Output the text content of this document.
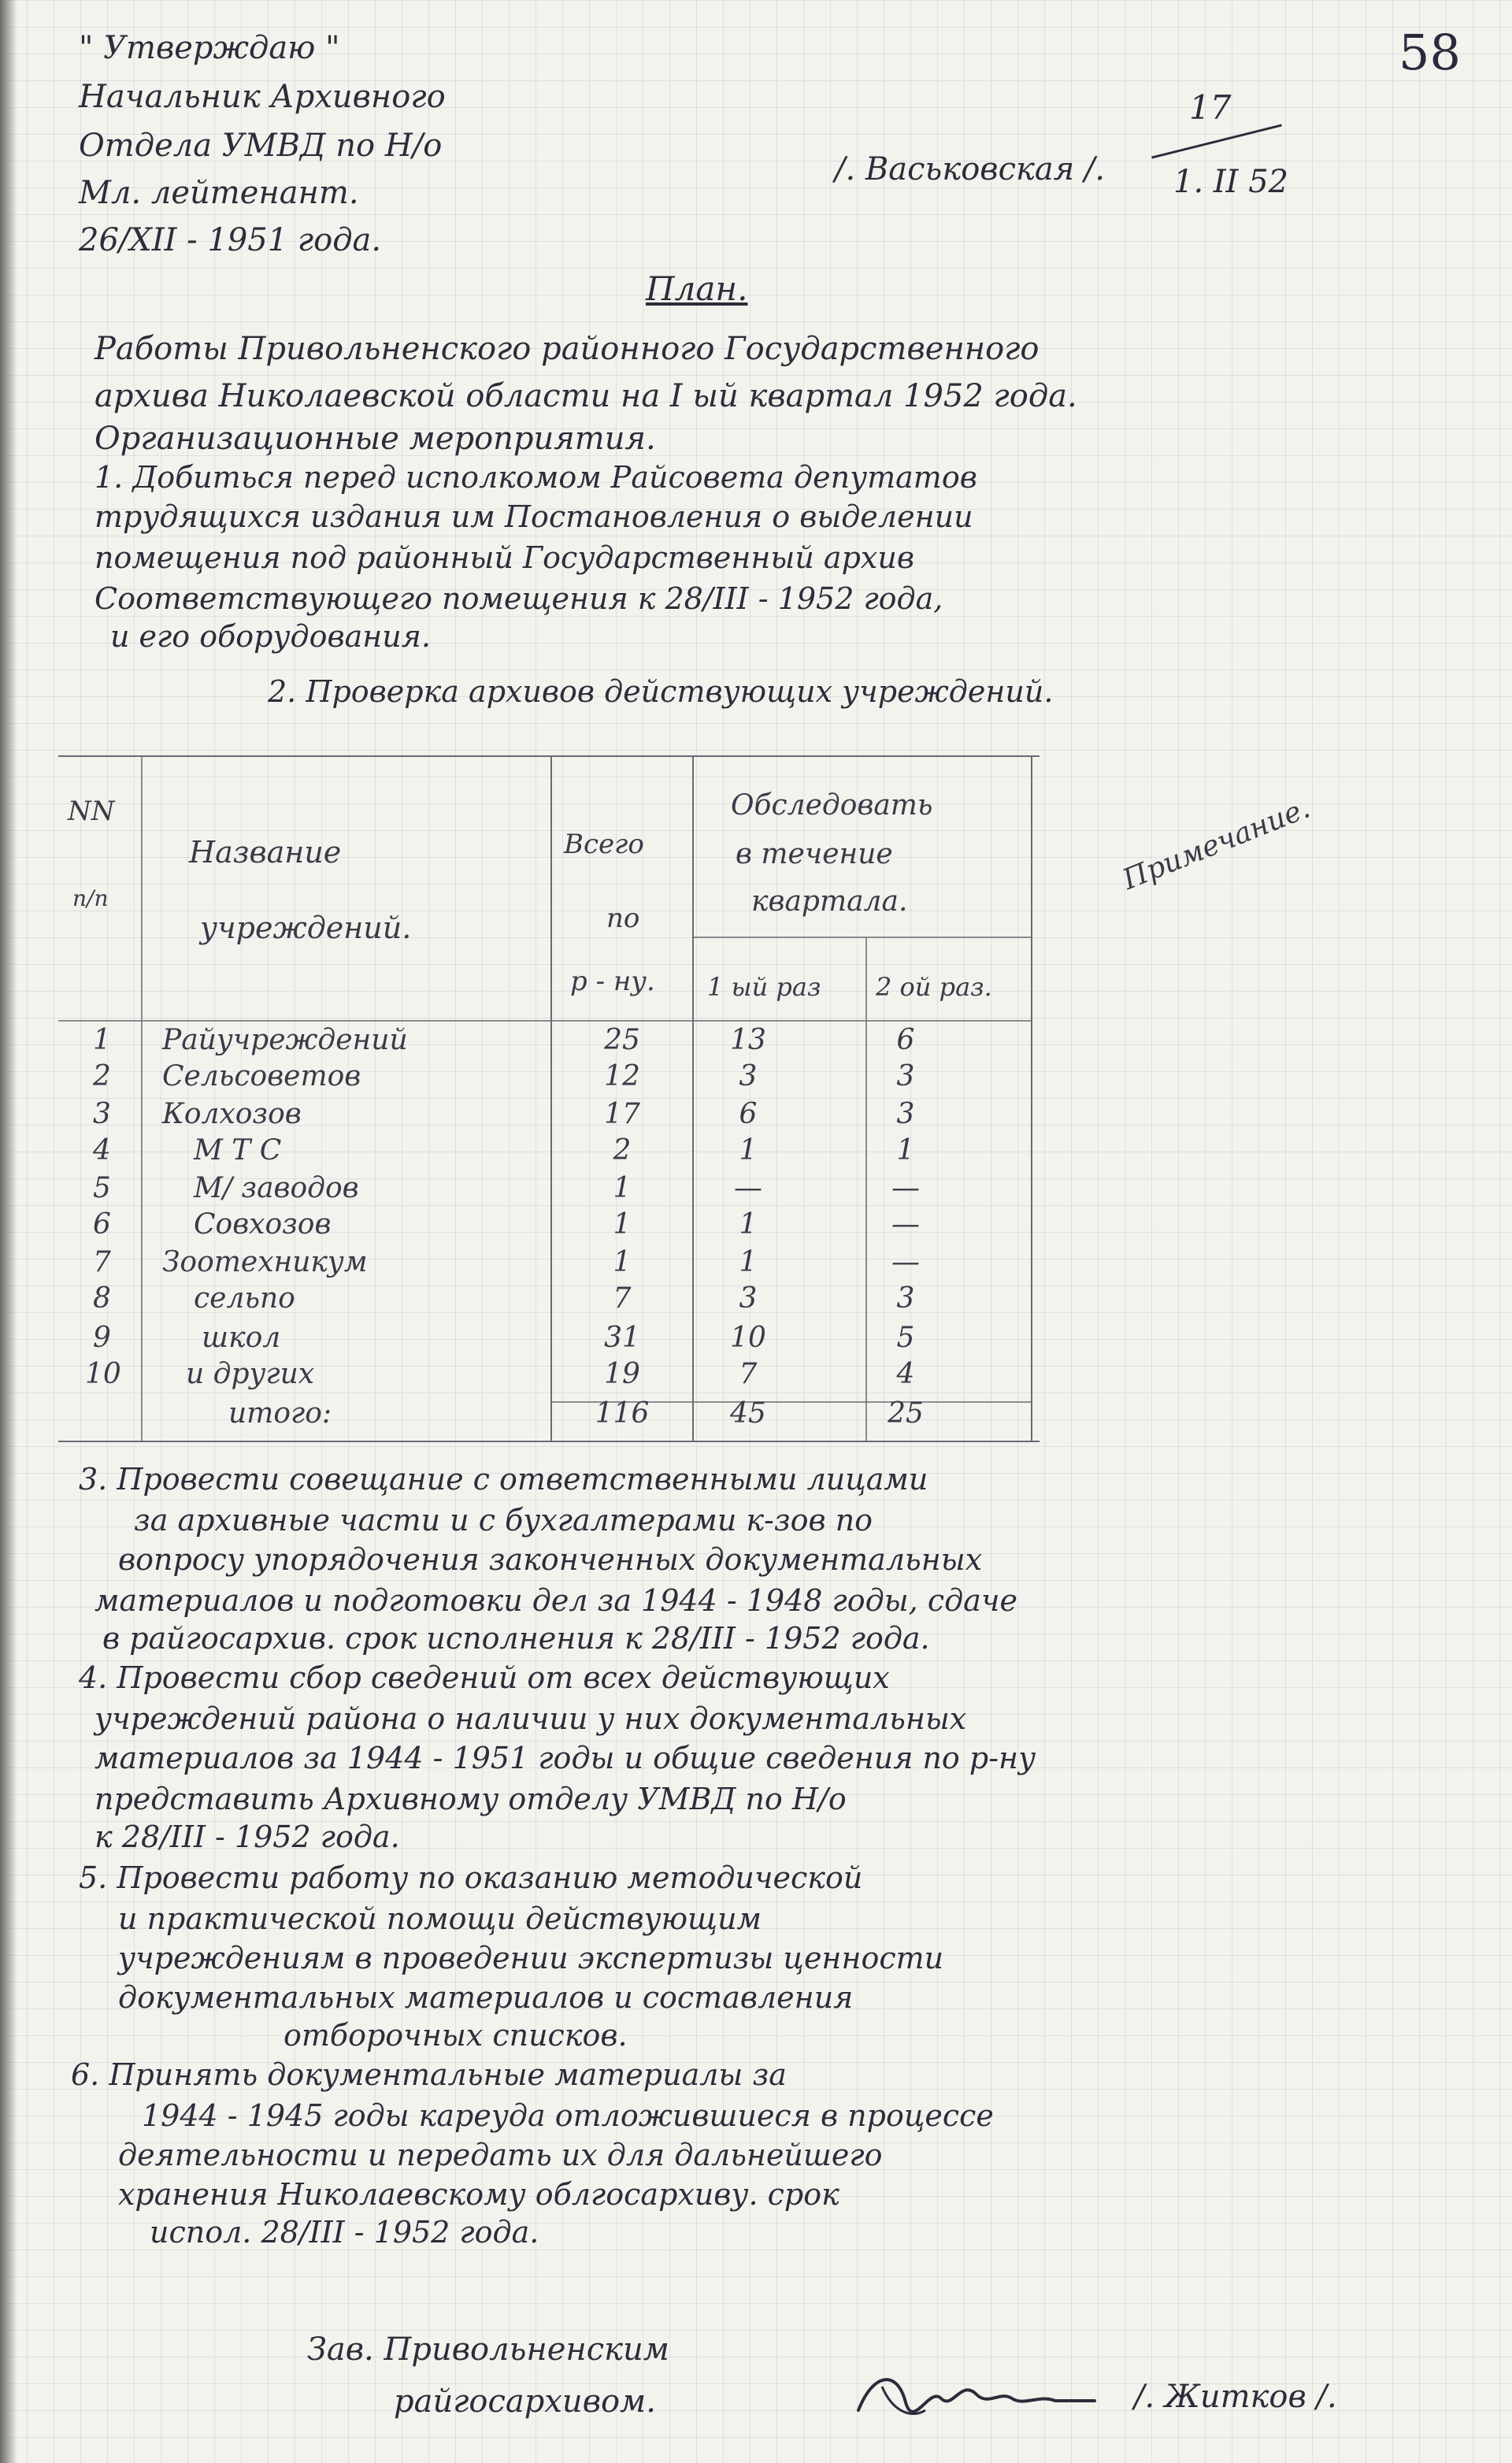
58
" Утверждаю "
Начальник Архивного
Отдела УМВД по Н/о
Мл. лейтенант.
26/XII - 1951 года.
/. Васьковская /.
17
1. II 52
План.
Работы Привольненского районного Государственного
архива Николаевской области на I ый квартал 1952 года.
Организационные мероприятия.
1. Добиться перед исполкомом Райсовета депутатов
трудящихся издания им Постановления о выделении
помещения под районный Государственный архив
Соответствующего помещения к 28/III - 1952 года,
и его оборудования.
2. Проверка архивов действующих учреждений.
NN
п/п
Название
учреждений.
Всего
по
р - ну.
Обследовать
в течение
квартала.
1 ый раз 2 ой раз.
Примечание.
1 Райучреждений	25	13	6
2 Сельсоветов	12	3	3
3 Колхозов	17	6	3
4	М Т С	2	1	1
5	М/ заводов	1	—	—
6	Совхозов	1	1	—
7 Зоотехникум	1	1	—
8	сельпо	7	3	3
9	школ	31	10	5
10 и других	19	7	4
итого:	116	45	25
3. Провести совещание с ответственными лицами
за архивные части и с бухгалтерами к-зов по
вопросу упорядочения законченных документальных
материалов и подготовки дел за 1944 - 1948 годы, сдаче
в райгосархив. срок исполнения к 28/III - 1952 года.
4. Провести сбор сведений от всех действующих
учреждений района о наличии у них документальных
материалов за 1944 - 1951 годы и общие сведения по р-ну
представить Архивному отделу УМВД по Н/о
к 28/III - 1952 года.
5. Провести работу по оказанию методической
и практической помощи действующим
учреждениям в проведении экспертизы ценности
документальных материалов и составления
отборочных списков.
6. Принять документальные материалы за
1944 - 1945 годы кареуда отложившиеся в процессе
деятельности и передать их для дальнейшего
хранения Николаевскому облгосархиву. срок
испол. 28/III - 1952 года.
Зав. Привольненским
райгосархивом.	/. Житков /.
